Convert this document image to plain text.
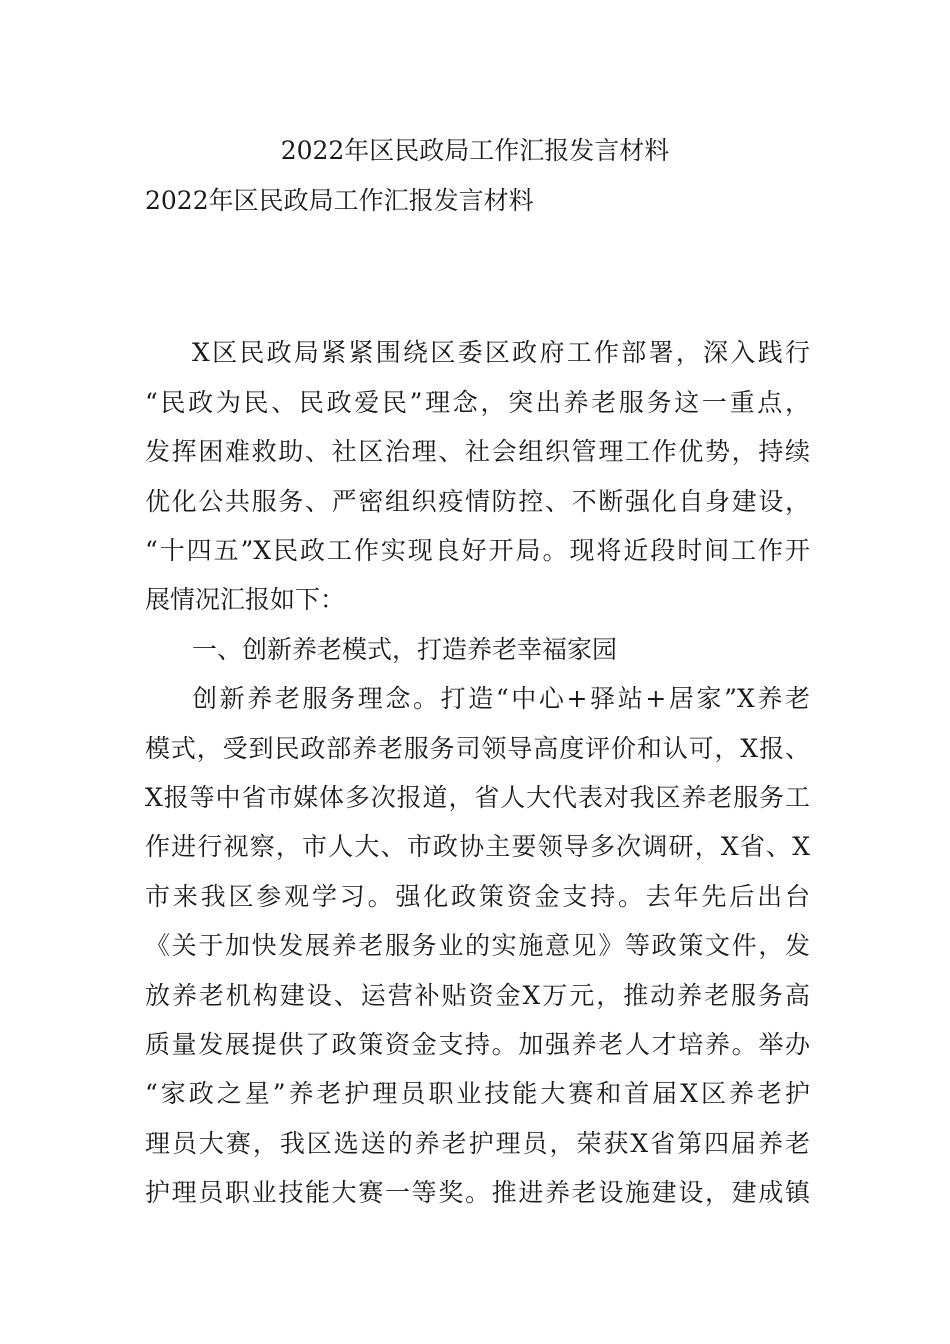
2022年区民政局工作汇报发言材料
2022年区民政局工作汇报发言材料
X区民政局紧紧围绕区委区政府工作部署，深入践行
“民政为民、民政爱民”理念，突出养老服务这一重点，
发挥困难救助、社区治理、社会组织管理工作优势，持续
优化公共服务、严密组织疫情防控、不断强化自身建设，
“十四五”X民政工作实现良好开局。现将近段时间工作开
展情况汇报如下：
一、创新养老模式，打造养老幸福家园
创新养老服务理念。打造“中心+驿站+居家”X养老
模式，受到民政部养老服务司领导高度评价和认可，X报、
X报等中省市媒体多次报道，省人大代表对我区养老服务工
作进行视察，市人大、市政协主要领导多次调研，X省、X
市来我区参观学习。强化政策资金支持。去年先后出台
《关于加快发展养老服务业的实施意见》等政策文件，发
放养老机构建设、运营补贴资金X万元，推动养老服务高
质量发展提供了政策资金支持。加强养老人才培养。举办
“家政之星”养老护理员职业技能大赛和首届X区养老护
理员大赛，我区选送的养老护理员，荣获X省第四届养老
护理员职业技能大赛一等奖。推进养老设施建设，建成镇
